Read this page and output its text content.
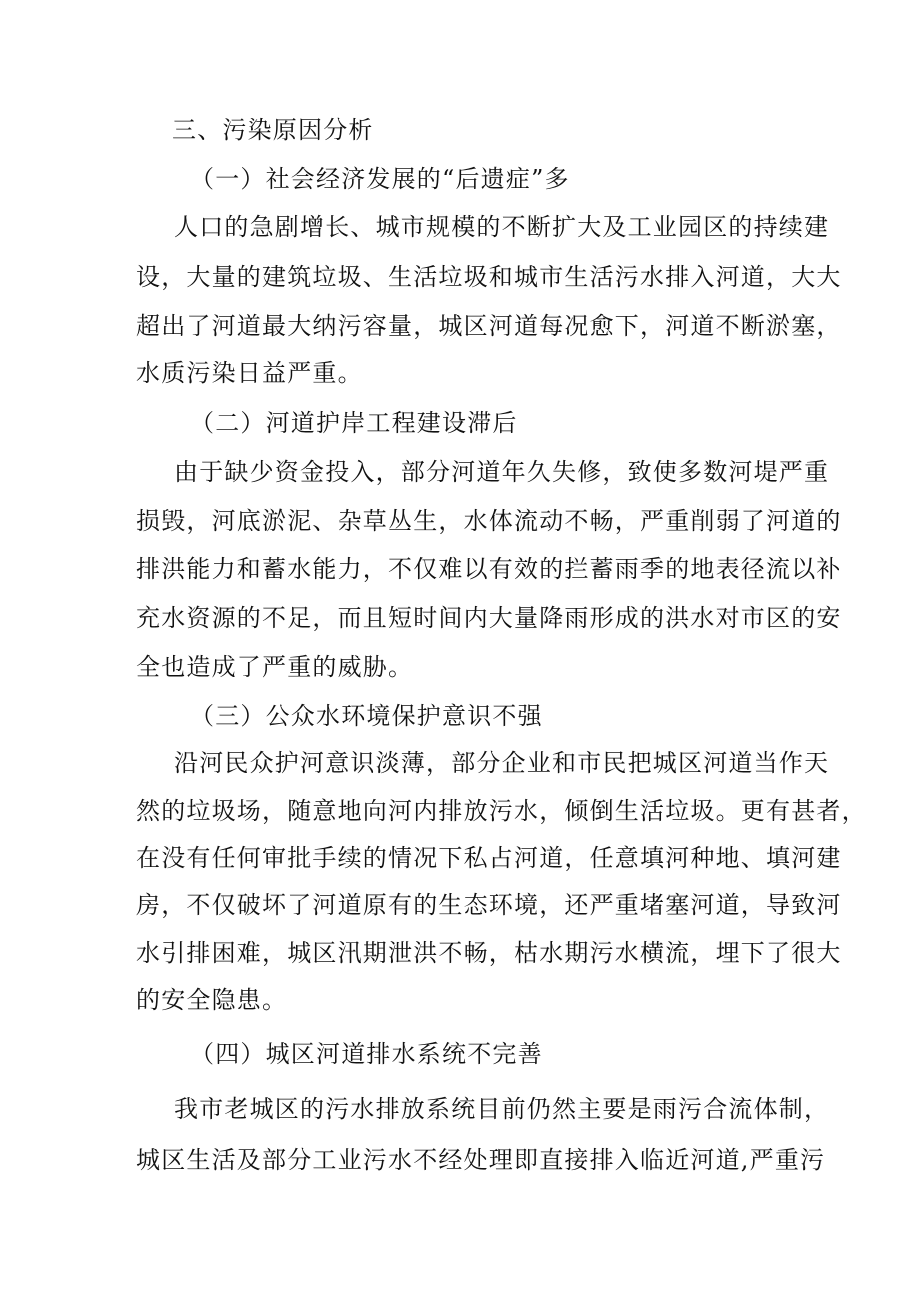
三、污染原因分析
（一）社会经济发展的“后遗症”多
人口的急剧增长、城市规模的不断扩大及工业园区的持续建
设，大量的建筑垃圾、生活垃圾和城市生活污水排入河道，大大
超出了河道最大纳污容量，城区河道每况愈下，河道不断淤塞，
水质污染日益严重。
（二）河道护岸工程建设滞后
由于缺少资金投入，部分河道年久失修，致使多数河堤严重
损毁，河底淤泥、杂草丛生，水体流动不畅，严重削弱了河道的
排洪能力和蓄水能力，不仅难以有效的拦蓄雨季的地表径流以补
充水资源的不足，而且短时间内大量降雨形成的洪水对市区的安
全也造成了严重的威胁。
（三）公众水环境保护意识不强
沿河民众护河意识淡薄，部分企业和市民把城区河道当作天
然的垃圾场，随意地向河内排放污水，倾倒生活垃圾。更有甚者，
在没有任何审批手续的情况下私占河道，任意填河种地、填河建
房，不仅破坏了河道原有的生态环境，还严重堵塞河道，导致河
水引排困难，城区汛期泄洪不畅，枯水期污水横流，埋下了很大
的安全隐患。
（四）城区河道排水系统不完善
我市老城区的污水排放系统目前仍然主要是雨污合流体制，
城区生活及部分工业污水不经处理即直接排入临近河道,严重污
